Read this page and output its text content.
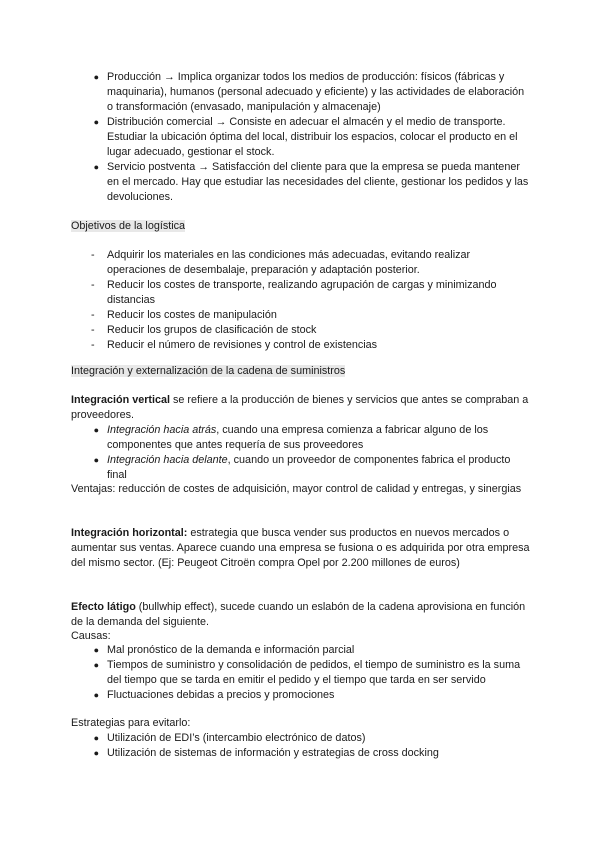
● Producción → Implica organizar todos los medios de producción: físicos (fábricas y maquinaria), humanos (personal adecuado y eficiente) y las actividades de elaboración o transformación (envasado, manipulación y almacenaje)
● Distribución comercial → Consiste en adecuar el almacén y el medio de transporte. Estudiar la ubicación óptima del local, distribuir los espacios, colocar el producto en el lugar adecuado, gestionar el stock.
● Servicio postventa → Satisfacción del cliente para que la empresa se pueda mantener en el mercado. Hay que estudiar las necesidades del cliente, gestionar los pedidos y las devoluciones.
Objetivos de la logística
-	Adquirir los materiales en las condiciones más adecuadas, evitando realizar operaciones de desembalaje, preparación y adaptación posterior.
-	Reducir los costes de transporte, realizando agrupación de cargas y minimizando distancias
-	Reducir los costes de manipulación
-	Reducir los grupos de clasificación de stock
-	Reducir el número de revisiones y control de existencias
Integración y externalización de la cadena de suministros
Integración vertical se refiere a la producción de bienes y servicios que antes se compraban a proveedores.
● Integración hacia atrás, cuando una empresa comienza a fabricar alguno de los componentes que antes requería de sus proveedores
● Integración hacia delante, cuando un proveedor de componentes fabrica el producto final
Ventajas: reducción de costes de adquisición, mayor control de calidad y entregas, y sinergias
Integración horizontal: estrategia que busca vender sus productos en nuevos mercados o aumentar sus ventas. Aparece cuando una empresa se fusiona o es adquirida por otra empresa del mismo sector. (Ej: Peugeot Citroën compra Opel por 2.200 millones de euros)
Efecto látigo (bullwhip effect), sucede cuando un eslabón de la cadena aprovisiona en función de la demanda del siguiente.
Causas:
● Mal pronóstico de la demanda e información parcial
● Tiempos de suministro y consolidación de pedidos, el tiempo de suministro es la suma del tiempo que se tarda en emitir el pedido y el tiempo que tarda en ser servido
● Fluctuaciones debidas a precios y promociones
Estrategias para evitarlo:
● Utilización de EDI’s (intercambio electrónico de datos)
● Utilización de sistemas de información y estrategias de cross docking
